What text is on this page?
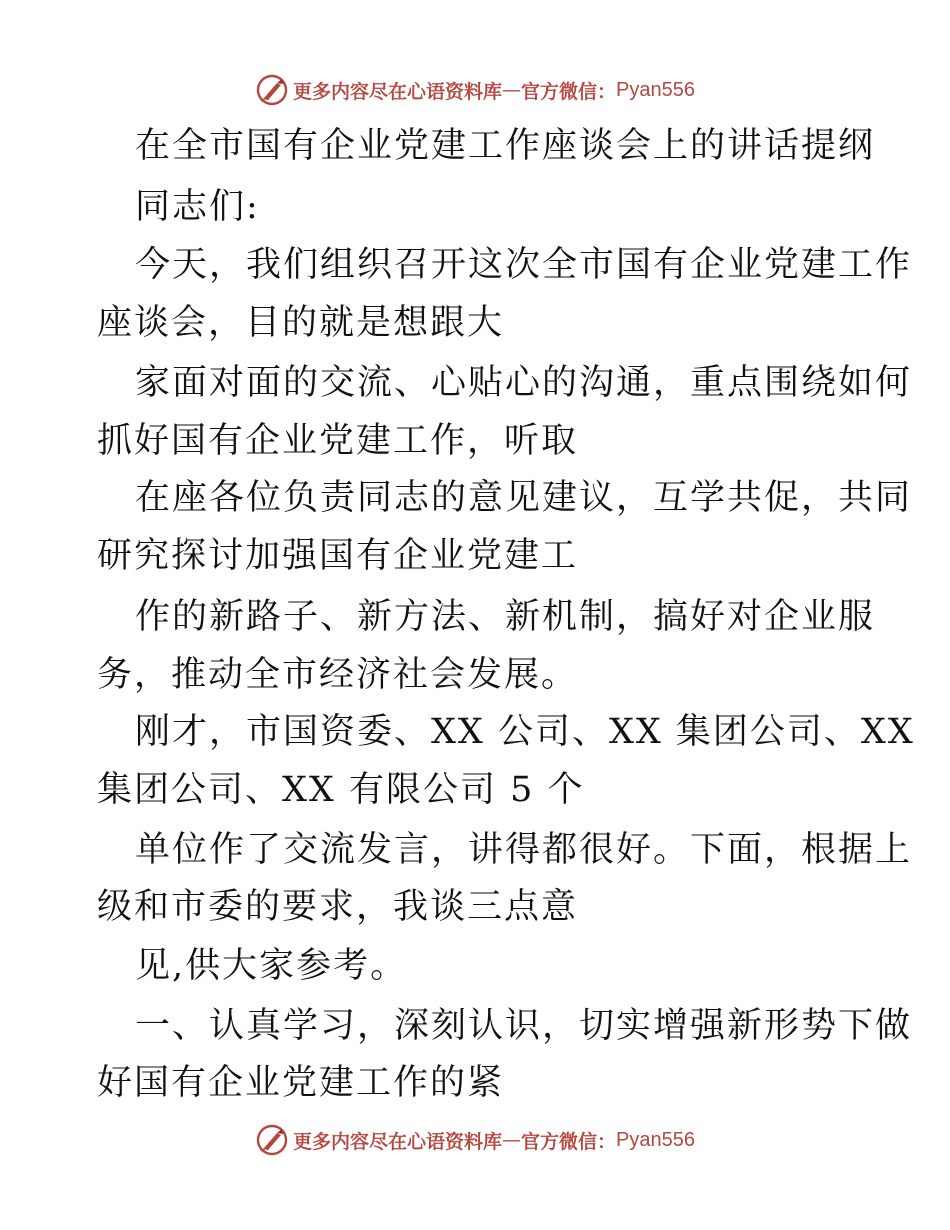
更多内容尽在心语资料库 — 官方微信： Pyan556
在全市国有企业党建工作座谈会上的讲话提纲
同志们:
今天，我们组织召开这次全市国有企业党建工作
座谈会，目的就是想跟大
家面对面的交流、心贴心的沟通，重点围绕如何
抓好国有企业党建工作，听取
在座各位负责同志的意见建议，互学共促，共同
研究探讨加强国有企业党建工
作的新路子、新方法、新机制，搞好对企业服
务，推动全市经济社会发展。
刚才，市国资委、XX 公司、XX 集团公司、XX
集团公司、XX 有限公司 5 个
单位作了交流发言，讲得都很好。下面，根据上
级和市委的要求，我谈三点意
见,供大家参考。
一、认真学习，深刻认识，切实增强新形势下做
好国有企业党建工作的紧
更多内容尽在心语资料库 — 官方微信： Pyan556
